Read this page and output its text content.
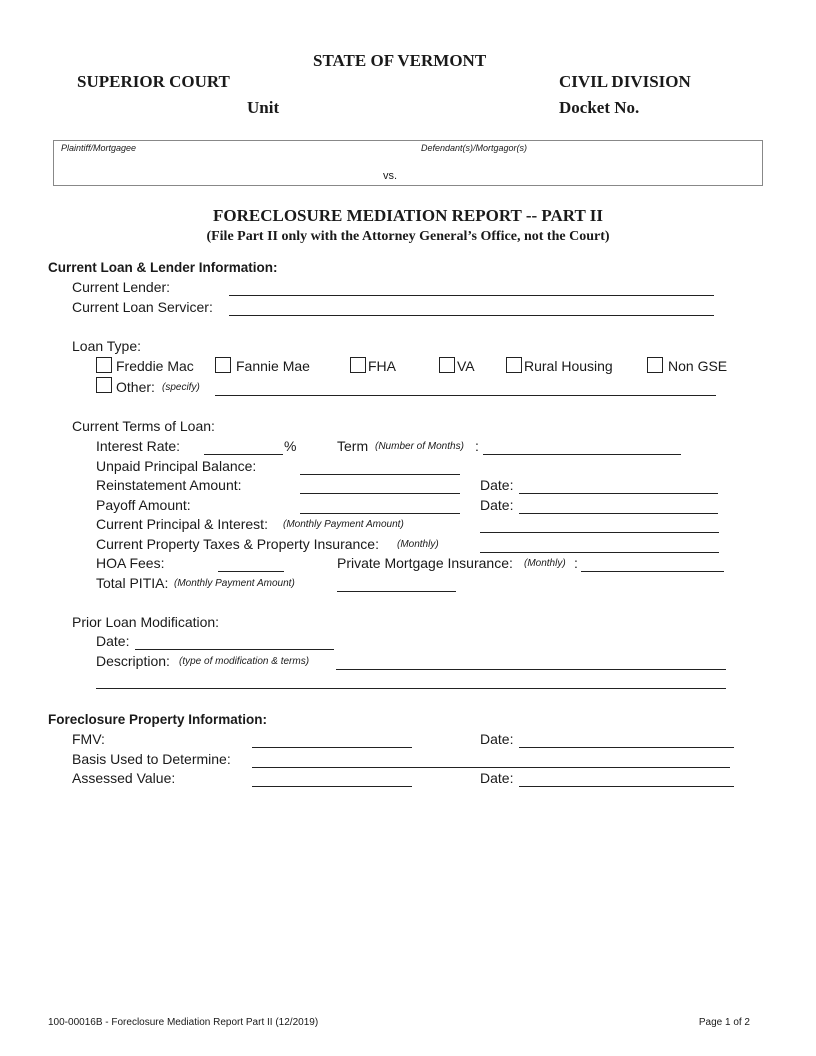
STATE OF VERMONT
SUPERIOR COURT	CIVIL DIVISION
Unit	Docket No.
Plaintiff/Mortgagee	Defendant(s)/Mortgagor(s)
vs.
FORECLOSURE MEDIATION REPORT -- PART II
(File Part II only with the Attorney General’s Office, not the Court)
Current Loan & Lender Information:
Current Lender:
Current Loan Servicer:
Loan Type:
Freddie Mac	Fannie Mae	FHA	VA	Rural Housing	Non GSE
Other: (specify)
Current Terms of Loan:
Interest Rate:	%	Term (Number of Months) :
Unpaid Principal Balance:
Reinstatement Amount:	Date:
Payoff Amount:	Date:
Current Principal & Interest: (Monthly Payment Amount)
Current Property Taxes & Property Insurance: (Monthly)
HOA Fees:	Private Mortgage Insurance: (Monthly) :
Total PITIA: (Monthly Payment Amount)
Prior Loan Modification:
Date:
Description: (type of modification & terms)
Foreclosure Property Information:
FMV:	Date:
Basis Used to Determine:
Assessed Value:	Date:
100-00016B - Foreclosure Mediation Report Part II (12/2019)	Page 1 of 2
